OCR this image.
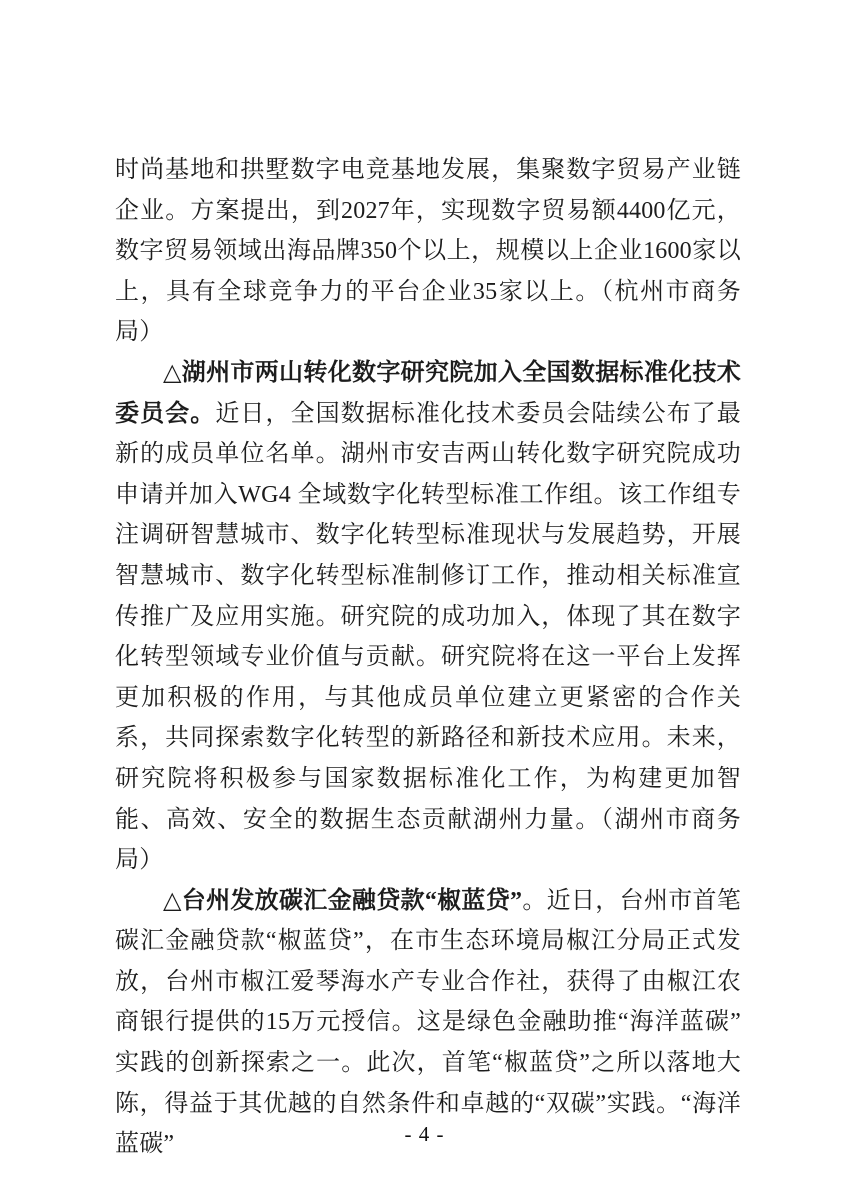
时尚基地和拱墅数字电竞基地发展，集聚数字贸易产业链企业。方案提出，到2027年，实现数字贸易额4400亿元，数字贸易领域出海品牌350个以上，规模以上企业1600家以上，具有全球竞争力的平台企业35家以上。（杭州市商务局）

△湖州市两山转化数字研究院加入全国数据标准化技术委员会。近日，全国数据标准化技术委员会陆续公布了最新的成员单位名单。湖州市安吉两山转化数字研究院成功申请并加入WG4 全域数字化转型标准工作组。该工作组专注调研智慧城市、数字化转型标准现状与发展趋势，开展智慧城市、数字化转型标准制修订工作，推动相关标准宣传推广及应用实施。研究院的成功加入，体现了其在数字化转型领域专业价值与贡献。研究院将在这一平台上发挥更加积极的作用，与其他成员单位建立更紧密的合作关系，共同探索数字化转型的新路径和新技术应用。未来，研究院将积极参与国家数据标准化工作，为构建更加智能、高效、安全的数据生态贡献湖州力量。（湖州市商务局）

△台州发放碳汇金融贷款“椒蓝贷”。近日，台州市首笔碳汇金融贷款“椒蓝贷”，在市生态环境局椒江分局正式发放，台州市椒江爱琴海水产专业合作社，获得了由椒江农商银行提供的15万元授信。这是绿色金融助推“海洋蓝碳”实践的创新探索之一。此次，首笔“椒蓝贷”之所以落地大陈，得益于其优越的自然条件和卓越的“双碳”实践。“海洋蓝碳”	- 4 -
